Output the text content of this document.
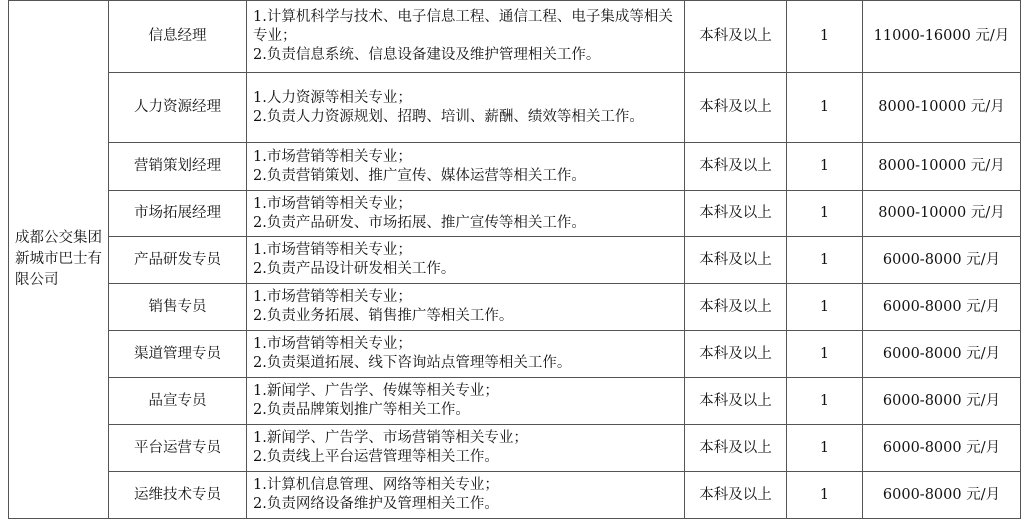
成都公交集团新城市巴士有限公司	信息经理	1.计算机科学与技术、电子信息工程、通信工程、电子集成等相关专业；
2.负责信息系统、信息设备建设及维护管理相关工作。	本科及以上	1	11000-16000 元/月
	人力资源经理	1.人力资源等相关专业；
2.负责人力资源规划、招聘、培训、薪酬、绩效等相关工作。	本科及以上	1	8000-10000 元/月
	营销策划经理	1.市场营销等相关专业；
2.负责营销策划、推广宣传、媒体运营等相关工作。	本科及以上	1	8000-10000 元/月
	市场拓展经理	1.市场营销等相关专业；
2.负责产品研发、市场拓展、推广宣传等相关工作。	本科及以上	1	8000-10000 元/月
	产品研发专员	1.市场营销等相关专业；
2.负责产品设计研发相关工作。	本科及以上	1	6000-8000 元/月
	销售专员	1.市场营销等相关专业；
2.负责业务拓展、销售推广等相关工作。	本科及以上	1	6000-8000 元/月
	渠道管理专员	1.市场营销等相关专业；
2.负责渠道拓展、线下咨询站点管理等相关工作。	本科及以上	1	6000-8000 元/月
	品宣专员	1.新闻学、广告学、传媒等相关专业；
2.负责品牌策划推广等相关工作。	本科及以上	1	6000-8000 元/月
	平台运营专员	1.新闻学、广告学、市场营销等相关专业；
2.负责线上平台运营管理等相关工作。	本科及以上	1	6000-8000 元/月
	运维技术专员	1.计算机信息管理、网络等相关专业；
2.负责网络设备维护及管理相关工作。	本科及以上	1	6000-8000 元/月
